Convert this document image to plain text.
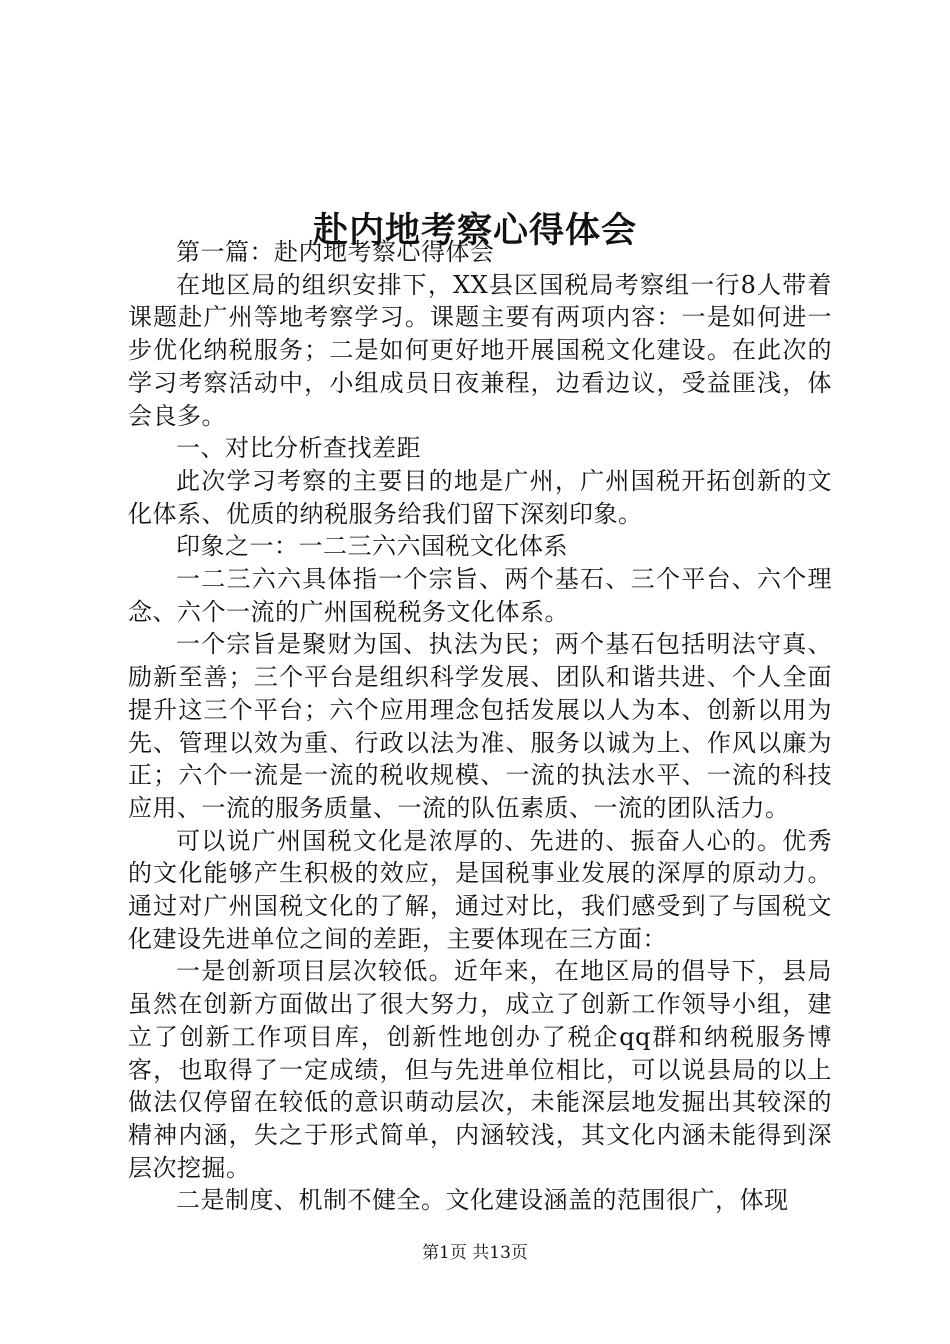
赴内地考察心得体会

第一篇：赴内地考察心得体会

在地区局的组织安排下，XX县区国税局考察组一行8人带着课题赴广州等地考察学习。课题主要有两项内容：一是如何进一步优化纳税服务；二是如何更好地开展国税文化建设。在此次的学习考察活动中，小组成员日夜兼程，边看边议，受益匪浅，体会良多。

一、对比分析查找差距

此次学习考察的主要目的地是广州，广州国税开拓创新的文化体系、优质的纳税服务给我们留下深刻印象。

印象之一：一二三六六国税文化体系

一二三六六具体指一个宗旨、两个基石、三个平台、六个理念、六个一流的广州国税税务文化体系。

一个宗旨是聚财为国、执法为民；两个基石包括明法守真、励新至善；三个平台是组织科学发展、团队和谐共进、个人全面提升这三个平台；六个应用理念包括发展以人为本、创新以用为先、管理以效为重、行政以法为准、服务以诚为上、作风以廉为正；六个一流是一流的税收规模、一流的执法水平、一流的科技应用、一流的服务质量、一流的队伍素质、一流的团队活力。

可以说广州国税文化是浓厚的、先进的、振奋人心的。优秀的文化能够产生积极的效应，是国税事业发展的深厚的原动力。通过对广州国税文化的了解，通过对比，我们感受到了与国税文化建设先进单位之间的差距，主要体现在三方面：

一是创新项目层次较低。近年来，在地区局的倡导下，县局虽然在创新方面做出了很大努力，成立了创新工作领导小组，建立了创新工作项目库，创新性地创办了税企qq群和纳税服务博客，也取得了一定成绩，但与先进单位相比，可以说县局的以上做法仅停留在较低的意识萌动层次，未能深层地发掘出其较深的精神内涵，失之于形式简单，内涵较浅，其文化内涵未能得到深层次挖掘。

二是制度、机制不健全。文化建设涵盖的范围很广，体现

第1页 共13页
